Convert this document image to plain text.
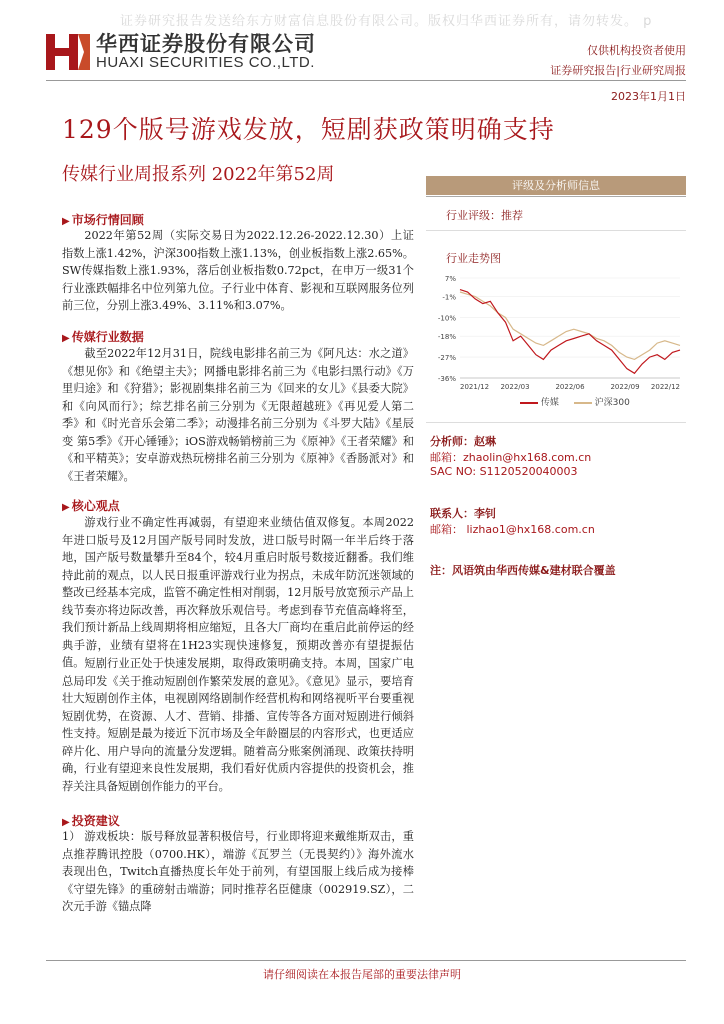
证券研究报告发送给东方财富信息股份有限公司。版权归华西证券所有，请勿转发。 p
华西证券股份有限公司
HUAXI SECURITIES CO.,LTD.
仅供机构投资者使用
证券研究报告|行业研究周报
2023年1月1日
129个版号游戏发放，短剧获政策明确支持
传媒行业周报系列 2022年第52周
评级及分析师信息
行业评级：推荐
行业走势图
2021/12 2022/03	2022/06	2022/09 2022/12
7%
-1%
-10%
-18%
-27%
-36%
传媒	沪深300
分析师：赵琳
邮箱：zhaolin@hx168.com.cn
SAC NO: S1120520040003
联系人：李钊
邮箱： lizhao1@hx168.com.cn
注：风语筑由华西传媒&建材联合覆盖
▶ 市场行情回顾
2022年第52周（实际交易日为2022.12.26-2022.12.30）上证指数上涨1.42%，沪深300指数上涨1.13%，创业板指数上涨2.65%。SW传媒指数上涨1.93%，落后创业板指数0.72pct，在申万一级31个行业涨跌幅排名中位列第九位。子行业中体育、影视和互联网服务位列前三位，分别上涨3.49%、3.11%和3.07%。
▶ 传媒行业数据
截至2022年12月31日，院线电影排名前三为《阿凡达：水之道》《想见你》和《绝望主夫》；网播电影排名前三为《电影扫黑行动》《万里归途》和《狩猎》；影视剧集排名前三为《回来的女儿》《县委大院》和《向风而行》；综艺排名前三分别为《无限超越班》《再见爱人第二季》和《时光音乐会第二季》；动漫排名前三分别为《斗罗大陆》《星辰变 第5季》《开心锤锤》；iOS游戏畅销榜前三为《原神》《王者荣耀》和《和平精英》；安卓游戏热玩榜排名前三分别为《原神》《香肠派对》和《王者荣耀》。
▶ 核心观点
游戏行业不确定性再减弱，有望迎来业绩估值双修复。本周2022年进口版号及12月国产版号同时发放，进口版号时隔一年半后终于落地，国产版号数量攀升至84个，较4月重启时版号数接近翻番。我们维持此前的观点，以人民日报重评游戏行业为拐点，未成年防沉迷领域的整改已经基本完成，监管不确定性相对削弱，12月版号放宽预示产品上线节奏亦将边际改善，再次释放乐观信号。考虑到春节充值高峰将至，我们预计新品上线周期将相应缩短，且各大厂商均在重启此前停运的经典手游，业绩有望将在1H23实现快速修复，预期改善亦有望提振估值。 短剧行业正处于快速发展期，取得政策明确支持。本周，国家广电总局印发《关于推动短剧创作繁荣发展的意见》。《意见》显示，要培育壮大短剧创作主体，电视剧网络剧制作经营机构和网络视听平台要重视短剧优势，在资源、人才、营销、排播、宣传等各方面对短剧进行倾斜性支持。短剧是最为接近下沉市场及全年龄圈层的内容形式，也更适应碎片化、用户导向的流量分发逻辑。随着高分账案例涌现、政策扶持明确，行业有望迎来良性发展期，我们看好优质内容提供的投资机会，推荐关注具备短剧创作能力的平台。
▶ 投资建议
1） 游戏板块：版号释放显著积极信号，行业即将迎来戴维斯双击，重点推荐腾讯控股（0700.HK），端游《瓦罗兰（无畏契约）》海外流水表现出色，Twitch直播热度长年处于前列，有望国服上线后成为接棒《守望先锋》的重磅射击端游；同时推荐名臣健康（002919.SZ），二次元手游《锚点降
请仔细阅读在本报告尾部的重要法律声明
